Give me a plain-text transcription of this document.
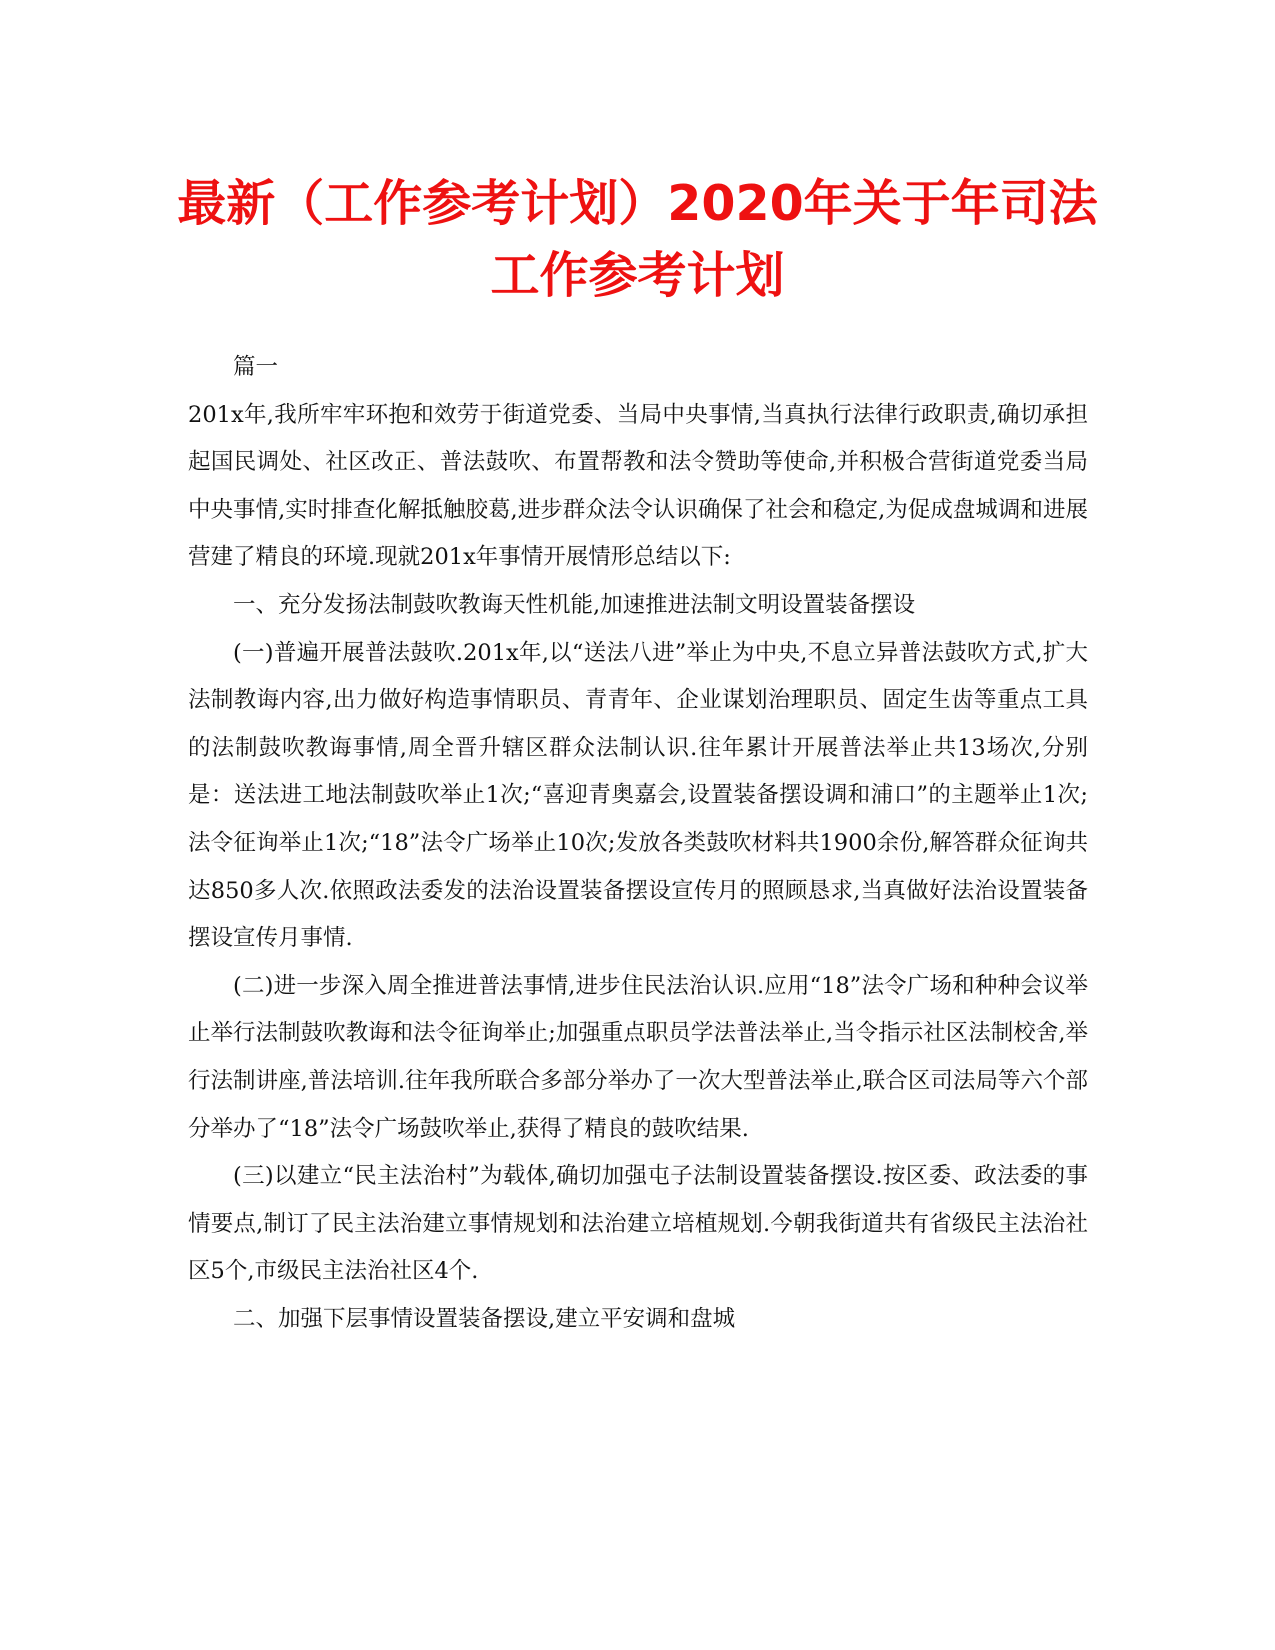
最新（工作参考计划）2020年关于年司法
工作参考计划

篇一

201x年,我所牢牢环抱和效劳于街道党委、当局中央事情,当真执行法律行政职责,确切承担起国民调处、社区改正、普法鼓吹、布置帮教和法令赞助等使命,并积极合营街道党委当局中央事情,实时排查化解抵触胶葛,进步群众法令认识确保了社会和稳定,为促成盘城调和进展营建了精良的环境.现就201x年事情开展情形总结以下:

一、充分发扬法制鼓吹教诲天性机能,加速推进法制文明设置装备摆设

(一)普遍开展普法鼓吹.201x年,以“送法八进”举止为中央,不息立异普法鼓吹方式,扩大法制教诲内容,出力做好构造事情职员、青青年、企业谋划治理职员、固定生齿等重点工具的法制鼓吹教诲事情,周全晋升辖区群众法制认识.往年累计开展普法举止共13场次,分别是：送法进工地法制鼓吹举止1次;“喜迎青奥嘉会,设置装备摆设调和浦口”的主题举止1次;法令征询举止1次;“18”法令广场举止10次;发放各类鼓吹材料共1900余份,解答群众征询共达850多人次.依照政法委发的法治设置装备摆设宣传月的照顾恳求,当真做好法治设置装备摆设宣传月事情.

(二)进一步深入周全推进普法事情,进步住民法治认识.应用“18”法令广场和种种会议举止举行法制鼓吹教诲和法令征询举止;加强重点职员学法普法举止,当令指示社区法制校舍,举行法制讲座,普法培训.往年我所联合多部分举办了一次大型普法举止,联合区司法局等六个部分举办了“18”法令广场鼓吹举止,获得了精良的鼓吹结果.

(三)以建立“民主法治村”为载体,确切加强屯子法制设置装备摆设.按区委、政法委的事情要点,制订了民主法治建立事情规划和法治建立培植规划.今朝我街道共有省级民主法治社区5个,市级民主法治社区4个.

二、加强下层事情设置装备摆设,建立平安调和盘城
